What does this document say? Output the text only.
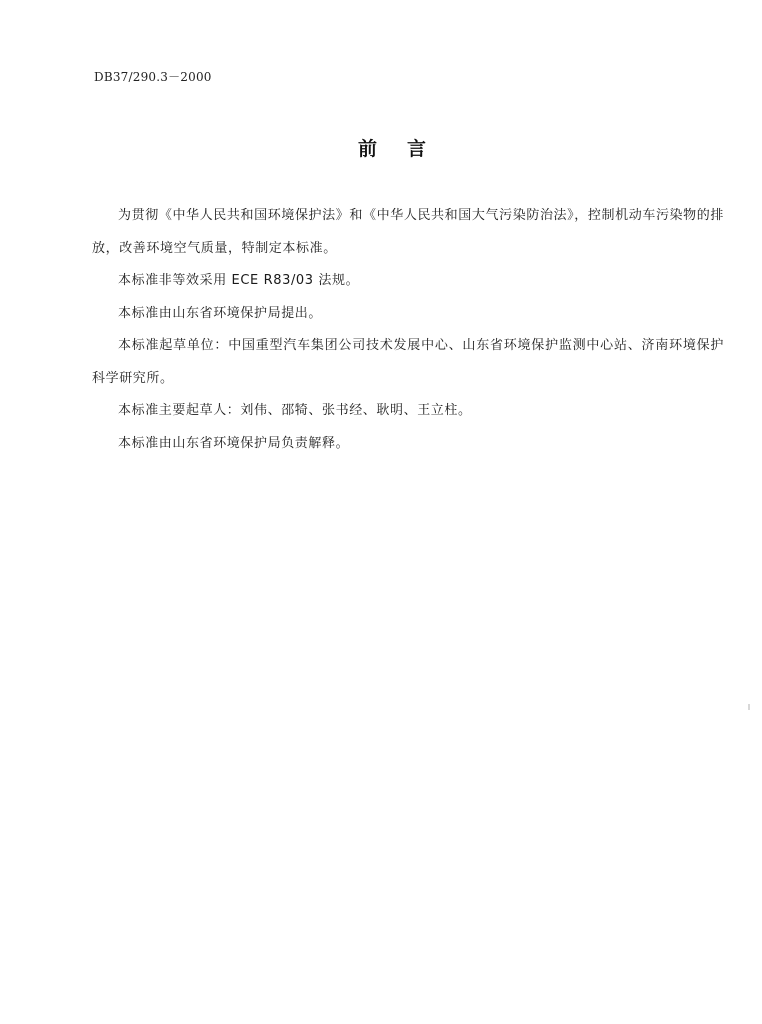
DB37/290.3－2000
前言

为贯彻《中华人民共和国环境保护法》和《中华人民共和国大气污染防治法》，控制机动车污染物的排放，改善环境空气质量，特制定本标准。

本标准非等效采用 ECE R83/03 法规。

本标准由山东省环境保护局提出。

本标准起草单位：中国重型汽车集团公司技术发展中心、山东省环境保护监测中心站、济南环境保护科学研究所。

本标准主要起草人：刘伟、邵犄、张书经、耿明、王立柱。

本标准由山东省环境保护局负责解释。
